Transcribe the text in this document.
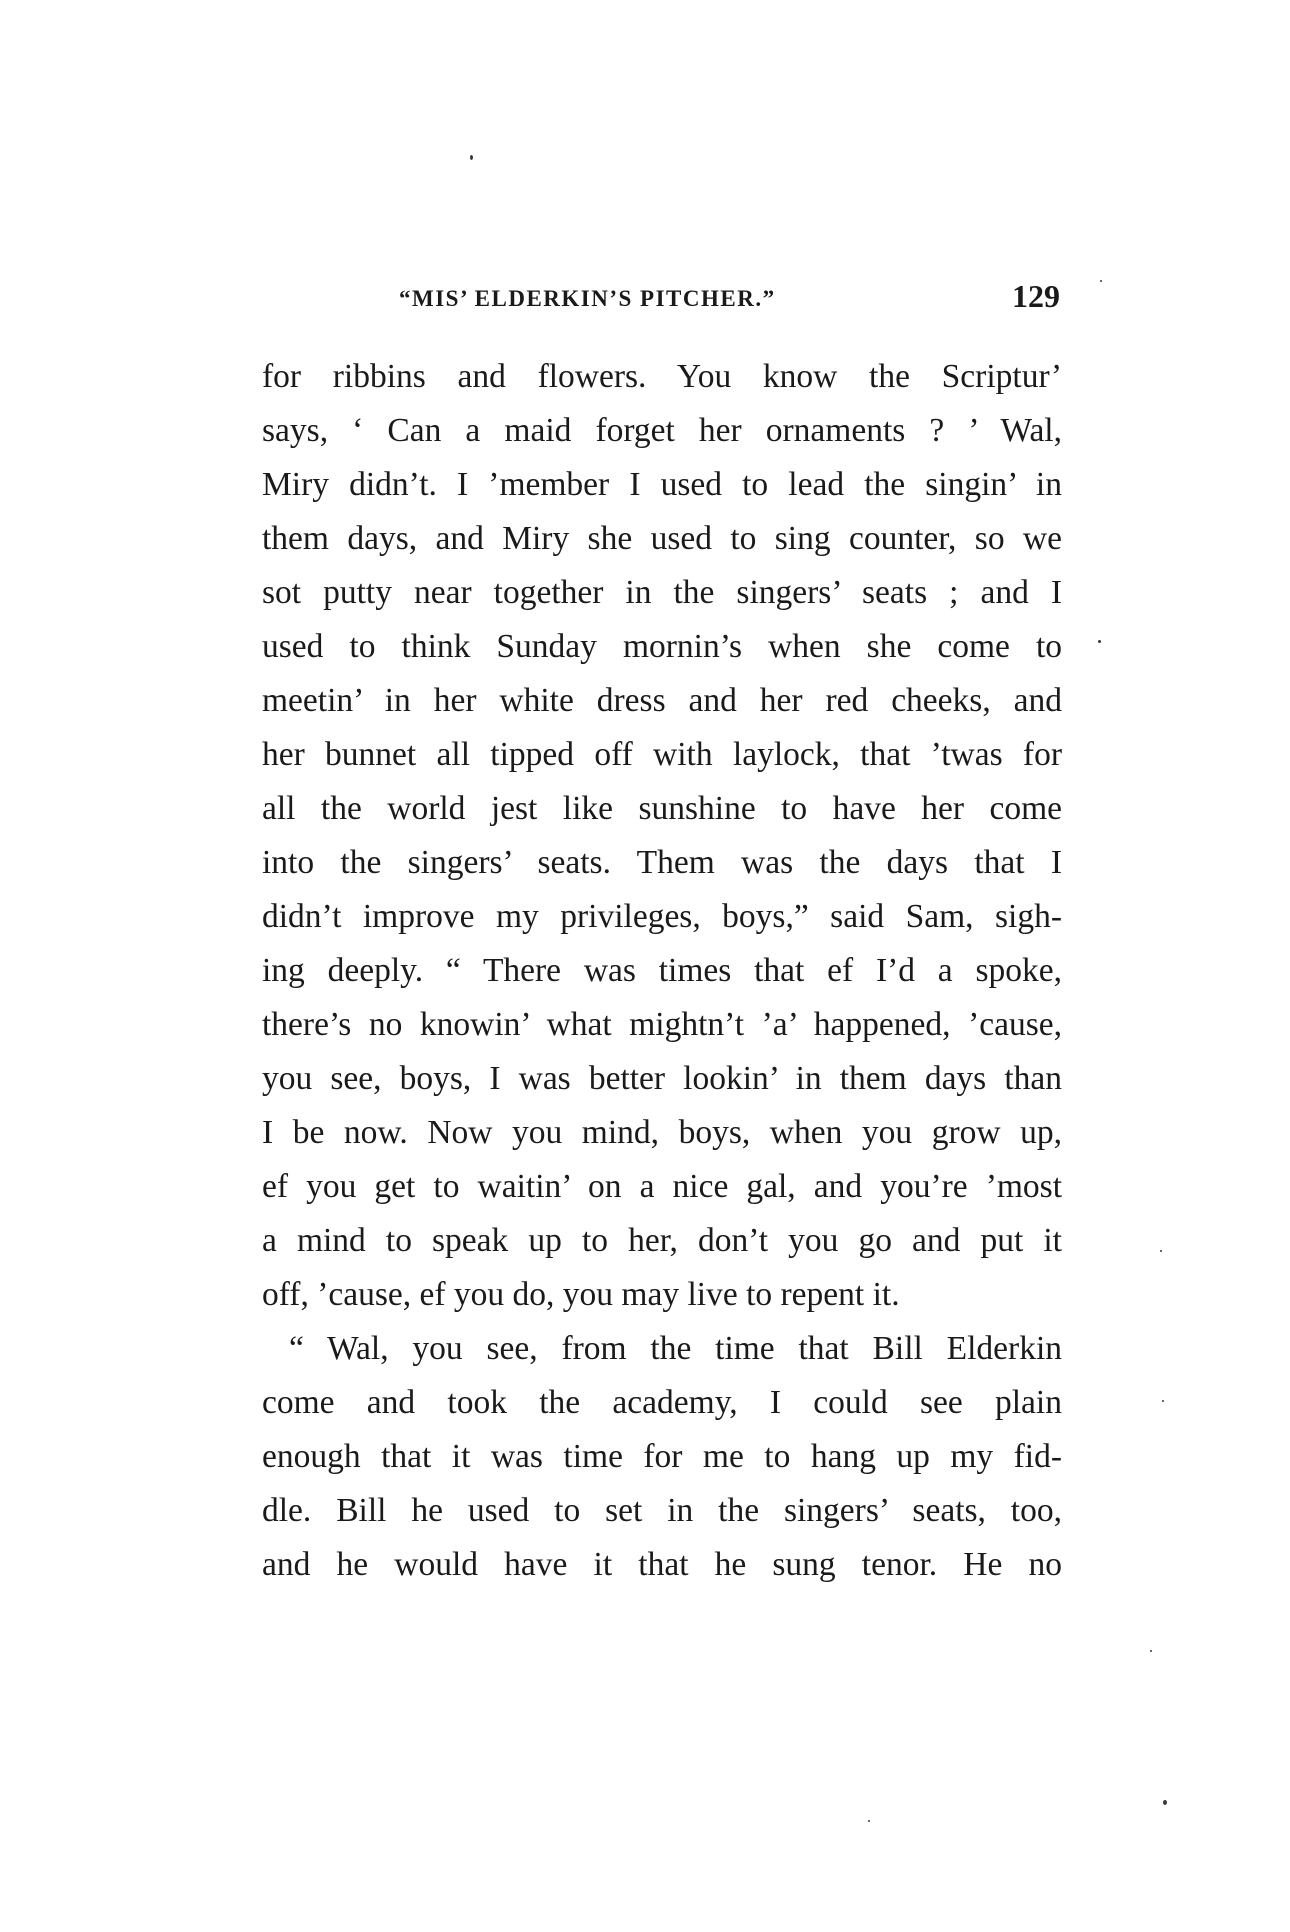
“MIS’ ELDERKIN’S PITCHER.”	129
for ribbins and flowers. You know the Scriptur’
says, ‘ Can a maid forget her ornaments ? ’ Wal,
Miry didn’t. I ’member I used to lead the singin’ in
them days, and Miry she used to sing counter, so we
sot putty near together in the singers’ seats ; and I
used to think Sunday mornin’s when she come to
meetin’ in her white dress and her red cheeks, and
her bunnet all tipped off with laylock, that ’twas for
all the world jest like sunshine to have her come
into the singers’ seats. Them was the days that I
didn’t improve my privileges, boys,” said Sam, sigh-
ing deeply. “ There was times that ef I’d a spoke,
there’s no knowin’ what mightn’t ’a’ happened, ’cause,
you see, boys, I was better lookin’ in them days than
I be now. Now you mind, boys, when you grow up,
ef you get to waitin’ on a nice gal, and you’re ’most
a mind to speak up to her, don’t you go and put it
off, ’cause, ef you do, you may live to repent it.
“ Wal, you see, from the time that Bill Elderkin
come and took the academy, I could see plain
enough that it was time for me to hang up my fid-
dle. Bill he used to set in the singers’ seats, too,
and he would have it that he sung tenor. He no
